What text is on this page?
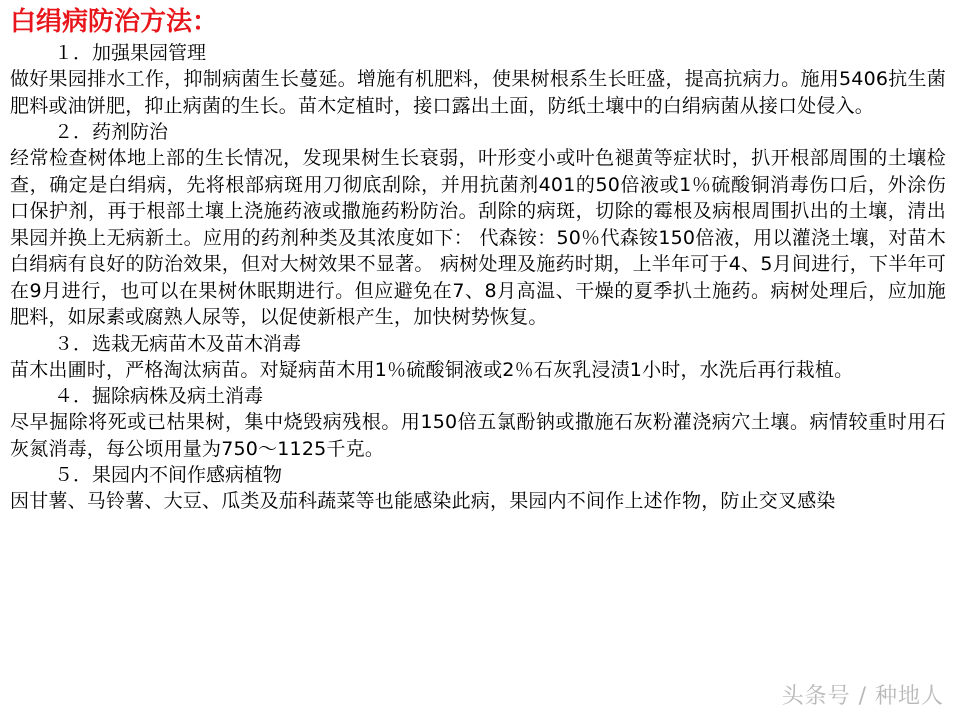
白绢病防治方法：
１．加强果园管理

做好果园排水工作，抑制病菌生长蔓延。增施有机肥料，使果树根系生长旺盛，提高抗病力。施用5406抗生菌肥料或油饼肥，抑止病菌的生长。苗木定植时，接口露出土面，防纸土壤中的白绢病菌从接口处侵入。

２．药剂防治

经常检查树体地上部的生长情况，发现果树生长衰弱，叶形变小或叶色褪黄等症状时，扒开根部周围的土壤检查，确定是白绢病，先将根部病斑用刀彻底刮除，并用抗菌剂401的50倍液或1％硫酸铜消毒伤口后，外涂伤口保护剂，再于根部土壤上浇施药液或撒施药粉防治。刮除的病斑，切除的霉根及病根周围扒出的土壤，清出果园并换上无病新土。应用的药剂种类及其浓度如下： 代森铵：50％代森铵150倍液，用以灌浇土壤，对苗木白绢病有良好的防治效果，但对大树效果不显著。 病树处理及施药时期，上半年可于4、5月间进行，下半年可在9月进行，也可以在果树休眠期进行。但应避免在7、8月高温、干燥的夏季扒土施药。病树处理后，应加施肥料，如尿素或腐熟人尿等，以促使新根产生，加快树势恢复。

３．选栽无病苗木及苗木消毒

苗木出圃时，严格淘汰病苗。对疑病苗木用1％硫酸铜液或2％石灰乳浸渍1小时，水洗后再行栽植。

４．掘除病株及病土消毒

尽早掘除将死或已枯果树，集中烧毁病残根。用150倍五氯酚钠或撒施石灰粉灌浇病穴土壤。病情较重时用石灰氮消毒，每公顷用量为750～1125千克。

５．果园内不间作感病植物

因甘薯、马铃薯、大豆、瓜类及茄科蔬菜等也能感染此病，果园内不间作上述作物，防止交叉感染

头条号 / 种地人
